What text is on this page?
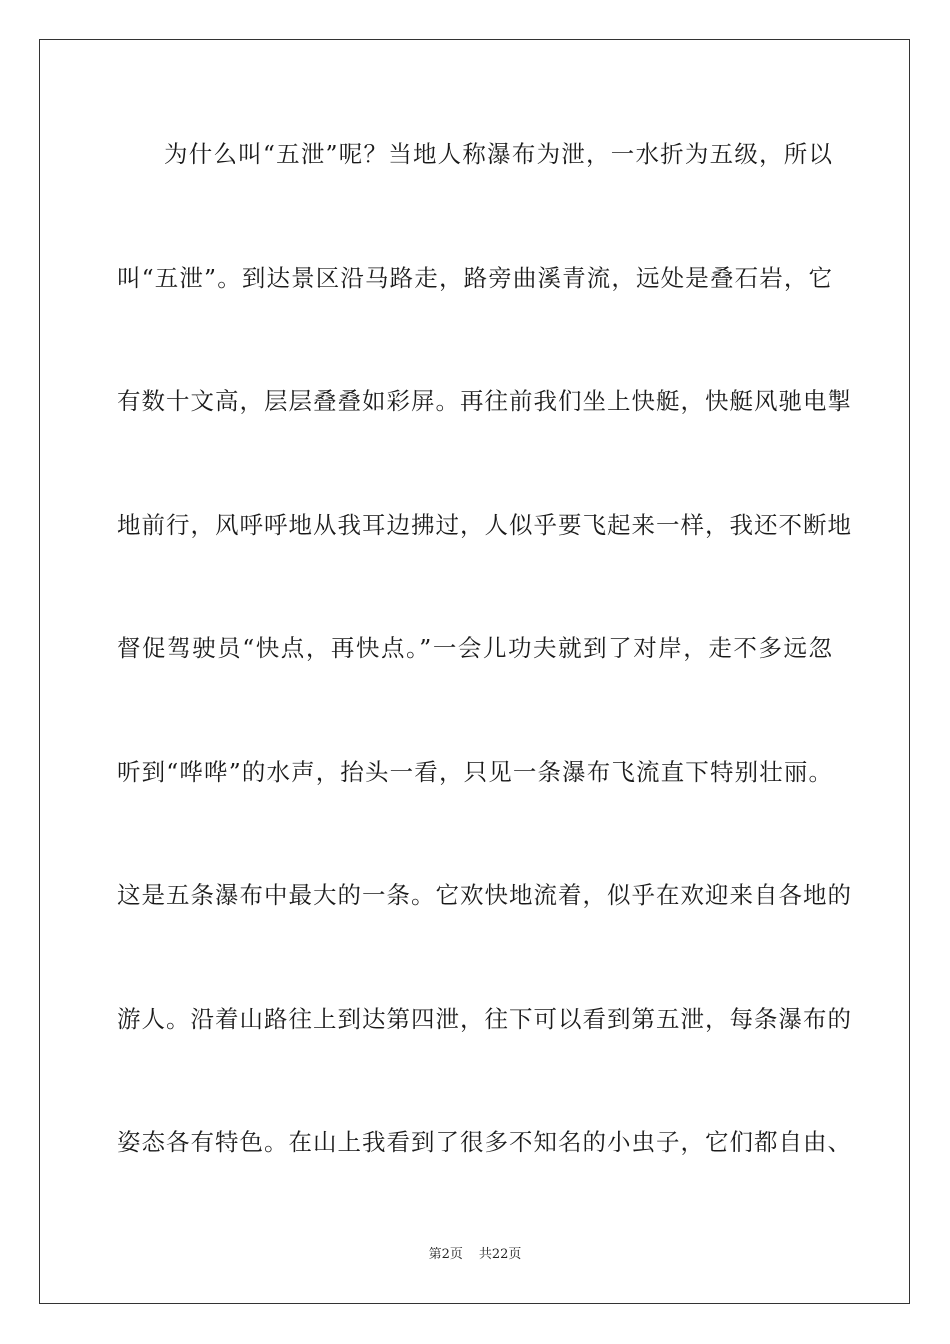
为什么叫“五泄”呢？当地人称瀑布为泄，一水折为五级，所以
叫“五泄”。到达景区沿马路走，路旁曲溪青流，远处是叠石岩，它
有数十文高，层层叠叠如彩屏。再往前我们坐上快艇，快艇风驰电掣
地前行，风呼呼地从我耳边拂过，人似乎要飞起来一样，我还不断地
督促驾驶员“快点，再快点。”一会儿功夫就到了对岸，走不多远忽
听到“哗哗”的水声，抬头一看，只见一条瀑布飞流直下特别壮丽。
这是五条瀑布中最大的一条。它欢快地流着，似乎在欢迎来自各地的
游人。沿着山路往上到达第四泄，往下可以看到第五泄，每条瀑布的
姿态各有特色。在山上我看到了很多不知名的小虫子，它们都自由、
第2页 共22页
